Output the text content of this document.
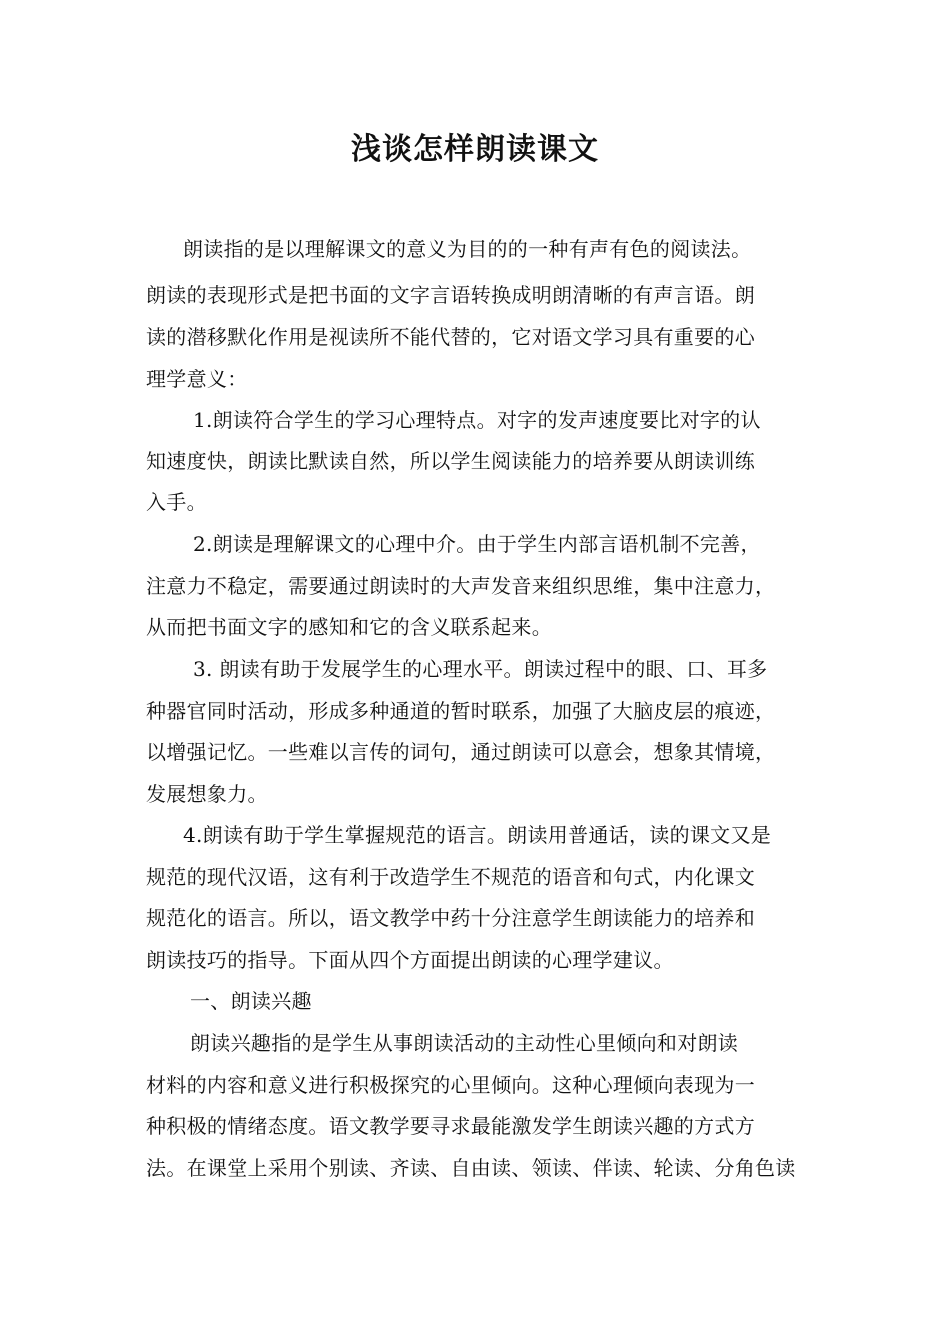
浅谈怎样朗读课文
朗读指的是以理解课文的意义为目的的一种有声有色的阅读法。
朗读的表现形式是把书面的文字言语转换成明朗清晰的有声言语。朗
读的潜移默化作用是视读所不能代替的，它对语文学习具有重要的心
理学意义：
1.朗读符合学生的学习心理特点。对字的发声速度要比对字的认
知速度快，朗读比默读自然，所以学生阅读能力的培养要从朗读训练
入手。
2.朗读是理解课文的心理中介。由于学生内部言语机制不完善，
注意力不稳定，需要通过朗读时的大声发音来组织思维，集中注意力，
从而把书面文字的感知和它的含义联系起来。
3. 朗读有助于发展学生的心理水平。朗读过程中的眼、口、耳多
种器官同时活动，形成多种通道的暂时联系，加强了大脑皮层的痕迹，
以增强记忆。一些难以言传的词句，通过朗读可以意会，想象其情境，
发展想象力。
4.朗读有助于学生掌握规范的语言。朗读用普通话，读的课文又是
规范的现代汉语，这有利于改造学生不规范的语音和句式，内化课文
规范化的语言。所以，语文教学中药十分注意学生朗读能力的培养和
朗读技巧的指导。下面从四个方面提出朗读的心理学建议。
一、朗读兴趣
朗读兴趣指的是学生从事朗读活动的主动性心里倾向和对朗读
材料的内容和意义进行积极探究的心里倾向。这种心理倾向表现为一
种积极的情绪态度。语文教学要寻求最能激发学生朗读兴趣的方式方
法。在课堂上采用个别读、齐读、自由读、领读、伴读、轮读、分角色读
